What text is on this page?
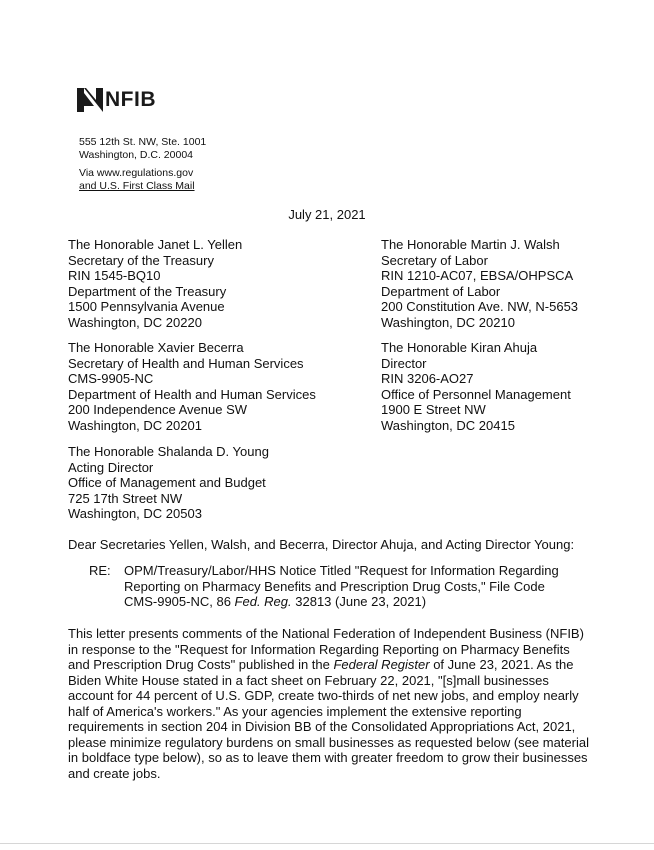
NFIB
555 12th St. NW, Ste. 1001
Washington, D.C. 20004
Via www.regulations.gov
and U.S. First Class Mail
July 21, 2021
The Honorable Janet L. Yellen
Secretary of the Treasury
RIN 1545-BQ10
Department of the Treasury
1500 Pennsylvania Avenue
Washington, DC 20220
The Honorable Martin J. Walsh
Secretary of Labor
RIN 1210-AC07, EBSA/OHPSCA
Department of Labor
200 Constitution Ave. NW, N-5653
Washington, DC 20210
The Honorable Xavier Becerra
Secretary of Health and Human Services
CMS-9905-NC
Department of Health and Human Services
200 Independence Avenue SW
Washington, DC 20201
The Honorable Kiran Ahuja
Director
RIN 3206-AO27
Office of Personnel Management
1900 E Street NW
Washington, DC 20415
The Honorable Shalanda D. Young
Acting Director
Office of Management and Budget
725 17th Street NW
Washington, DC 20503
Dear Secretaries Yellen, Walsh, and Becerra, Director Ahuja, and Acting Director Young:
RE: OPM/Treasury/Labor/HHS Notice Titled "Request for Information Regarding
Reporting on Pharmacy Benefits and Prescription Drug Costs," File Code
CMS-9905-NC, 86 Fed. Reg. 32813 (June 23, 2021)
This letter presents comments of the National Federation of Independent Business (NFIB)
in response to the "Request for Information Regarding Reporting on Pharmacy Benefits
and Prescription Drug Costs" published in the Federal Register of June 23, 2021. As the
Biden White House stated in a fact sheet on February 22, 2021, "[s]mall businesses
account for 44 percent of U.S. GDP, create two-thirds of net new jobs, and employ nearly
half of America's workers." As your agencies implement the extensive reporting
requirements in section 204 in Division BB of the Consolidated Appropriations Act, 2021,
please minimize regulatory burdens on small businesses as requested below (see material
in boldface type below), so as to leave them with greater freedom to grow their businesses
and create jobs.
